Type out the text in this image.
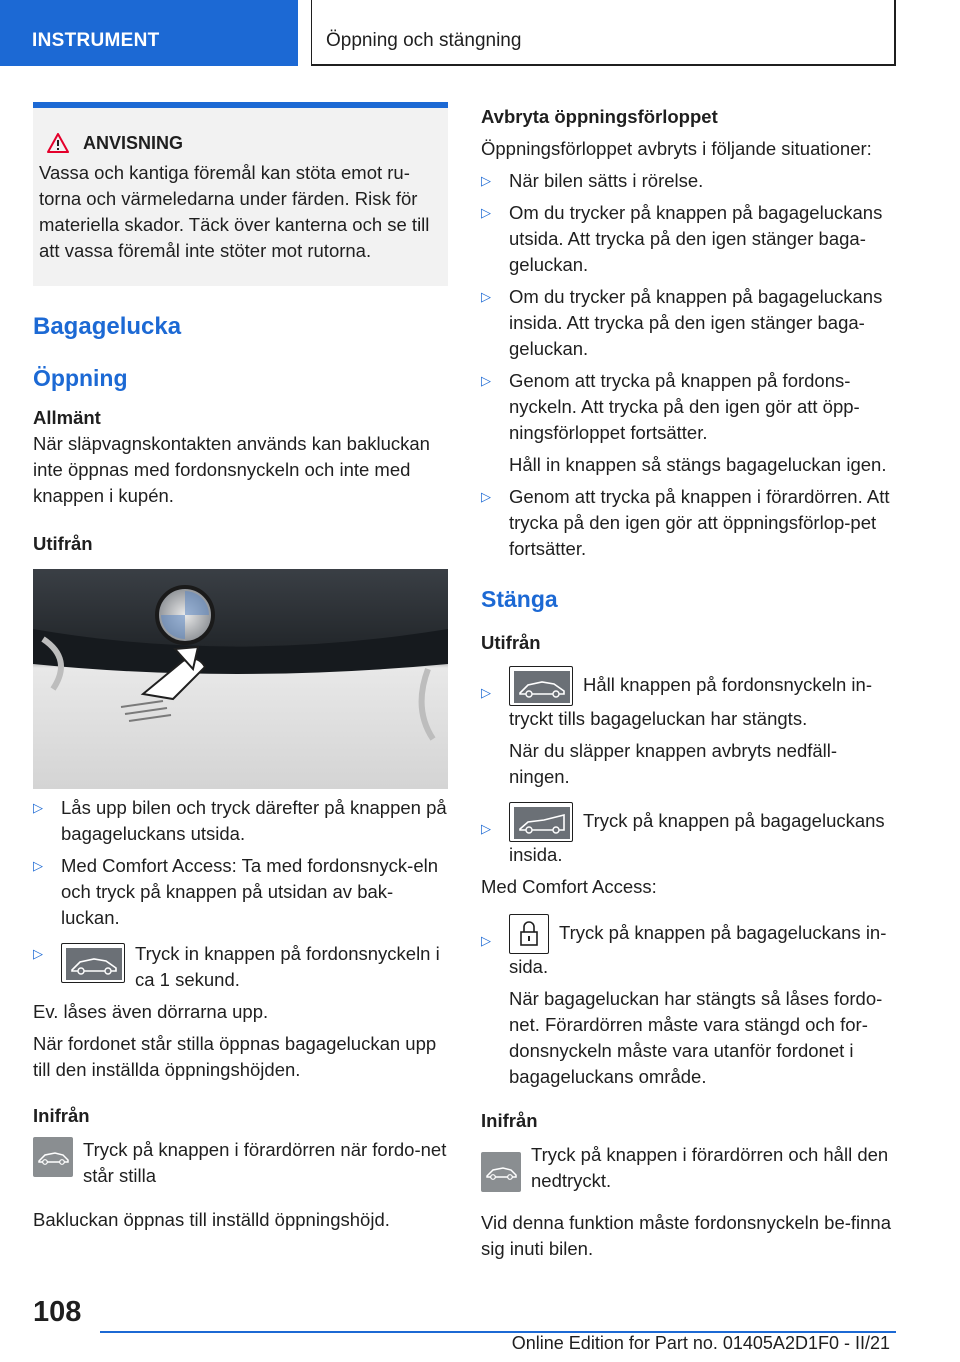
INSTRUMENT	Öppning och stängning
ANVISNING

Vassa och kantiga föremål kan stöta emot ru-torna och värmeledarna under färden. Risk för materiella skador. Täck över kanterna och se till att vassa föremål inte stöter mot rutorna.

Bagagelucka
Öppning
Allmänt

När släpvagnskontakten används kan bakluckan inte öppnas med fordonsnyckeln och inte med knappen i kupén.

Utifrån
▷ Lås upp bilen och tryck därefter på knappen på bagageluckans utsida.
▷ Med Comfort Access: Ta med fordonsnyck-eln och tryck på knappen på utsidan av bak-luckan.
▷	Tryck in knappen på fordonsnyckeln i ca 1 sekund.

Ev. låses även dörrarna upp.

När fordonet står stilla öppnas bagageluckan upp till den inställda öppningshöjden.

Inifrån

Tryck på knappen i förardörren när fordo-net står stilla

Bakluckan öppnas till inställd öppningshöjd.

Avbryta öppningsförloppet

Öppningsförloppet avbryts i följande situationer:

▷ När bilen sätts i rörelse.
▷ Om du trycker på knappen på bagageluckans utsida. Att trycka på den igen stänger baga-geluckan.
▷ Om du trycker på knappen på bagageluckans insida. Att trycka på den igen stänger baga-geluckan.
▷ Genom att trycka på knappen på fordons-nyckeln. Att trycka på den igen gör att öpp-ningsförloppet fortsätter.

Håll in knappen så stängs bagageluckan igen.

▷ Genom att trycka på knappen i förardörren. Att trycka på den igen gör att öppningsförlop-pet fortsätter.
Stänga
Utifrån
▷	Håll knappen på fordonsnyckeln in-tryckt tills bagageluckan har stängts.

När du släpper knappen avbryts nedfäll-ningen.

▷	Tryck på knappen på bagageluckans insida.

Med Comfort Access:

▷	Tryck på knappen på bagageluckans in-sida.

När bagageluckan har stängts så låses fordo-net. Förardörren måste vara stängd och for-donsnyckeln måste vara utanför fordonet i bagageluckans område.

Inifrån

Tryck på knappen i förardörren och håll den nedtryckt.

Vid denna funktion måste fordonsnyckeln be-finna sig inuti bilen.

108
Online Edition for Part no. 01405A2D1F0 - II/21
